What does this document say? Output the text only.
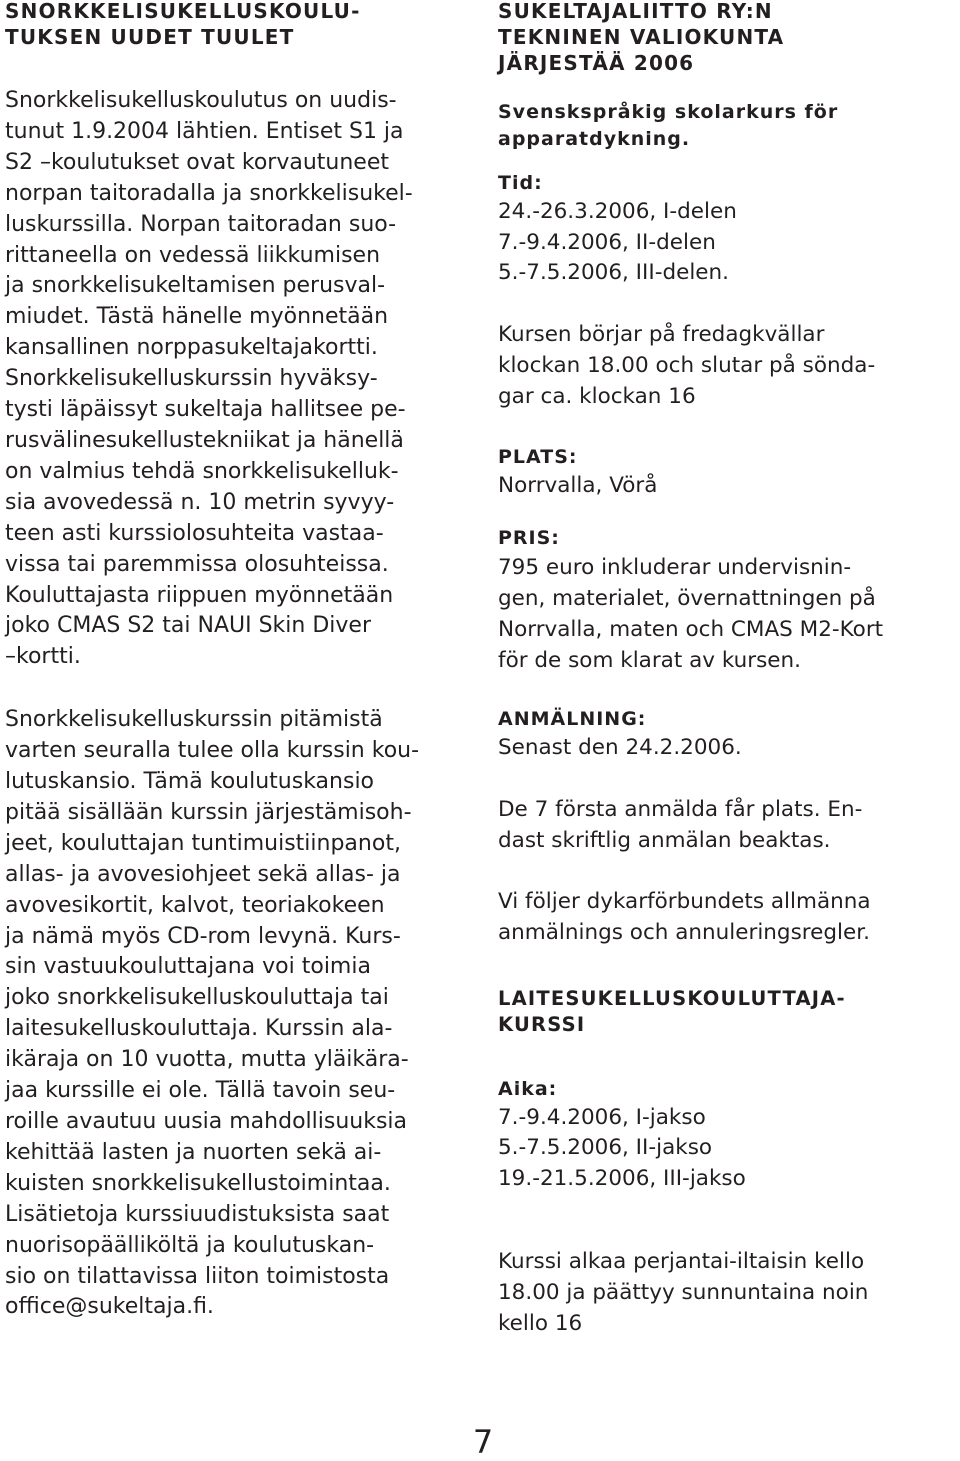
SNORKKELISUKELLUSKOULU-
TUKSEN UUDET TUULET

Snorkkelisukelluskoulutus on uudis-
tunut 1.9.2004 lähtien. Entiset S1 ja
S2 –koulutukset ovat korvautuneet
norpan taitoradalla ja snorkkelisukel-
luskurssilla. Norpan taitoradan suo-
rittaneella on vedessä liikkumisen
ja snorkkelisukeltamisen perusval-
miudet. Tästä hänelle myönnetään
kansallinen norppasukeltajakortti.
Snorkkelisukelluskurssin hyväksy-
tysti läpäissyt sukeltaja hallitsee pe-
rusvälinesukellustekniikat ja hänellä
on valmius tehdä snorkkelisukelluk-
sia avovedessä n. 10 metrin syvyy-
teen asti kurssiolosuhteita vastaa-
vissa tai paremmissa olosuhteissa.
Kouluttajasta riippuen myönnetään
joko CMAS S2 tai NAUI Skin Diver
–kortti.

Snorkkelisukelluskurssin pitämistä
varten seuralla tulee olla kurssin kou-
lutuskansio. Tämä koulutuskansio
pitää sisällään kurssin järjestämisoh-
jeet, kouluttajan tuntimuistiinpanot,
allas- ja avovesiohjeet sekä allas- ja
avovesikortit, kalvot, teoriakokeen
ja nämä myös CD-rom levynä. Kurs-
sin vastuukouluttajana voi toimia
joko snorkkelisukelluskouluttaja tai
laitesukelluskouluttaja. Kurssin ala-
ikäraja on 10 vuotta, mutta yläikära-
jaa kurssille ei ole. Tällä tavoin seu-
roille avautuu uusia mahdollisuuksia
kehittää lasten ja nuorten sekä ai-
kuisten snorkkelisukellustoimintaa.
Lisätietoja kurssiuudistuksista saat
nuorisopäälliköltä ja koulutuskan-
sio on tilattavissa liiton toimistosta
office@sukeltaja.fi.

SUKELTAJALIITTO RY:N
TEKNINEN VALIOKUNTA
JÄRJESTÄÄ 2006

Svenskspråkig skolarkurs för
apparatdykning.

Tid:

24.-26.3.2006, I-delen
7.-9.4.2006, II-delen
5.-7.5.2006, III-delen.

Kursen börjar på fredagkvällar
klockan 18.00 och slutar på sönda-
gar ca. klockan 16

PLATS:

Norrvalla, Vörå

PRIS:

795 euro inkluderar undervisnin-
gen, materialet, övernattningen på
Norrvalla, maten och CMAS M2-Kort
för de som klarat av kursen.

ANMÄLNING:

Senast den 24.2.2006.

De 7 första anmälda får plats. En-
dast skriftlig anmälan beaktas.

Vi följer dykarförbundets allmänna
anmälnings och annuleringsregler.

LAITESUKELLUSKOULUTTAJA-
KURSSI

Aika:

7.-9.4.2006, I-jakso
5.-7.5.2006, II-jakso
19.-21.5.2006, III-jakso

Kurssi alkaa perjantai-iltaisin kello
18.00 ja päättyy sunnuntaina noin
kello 16

7
